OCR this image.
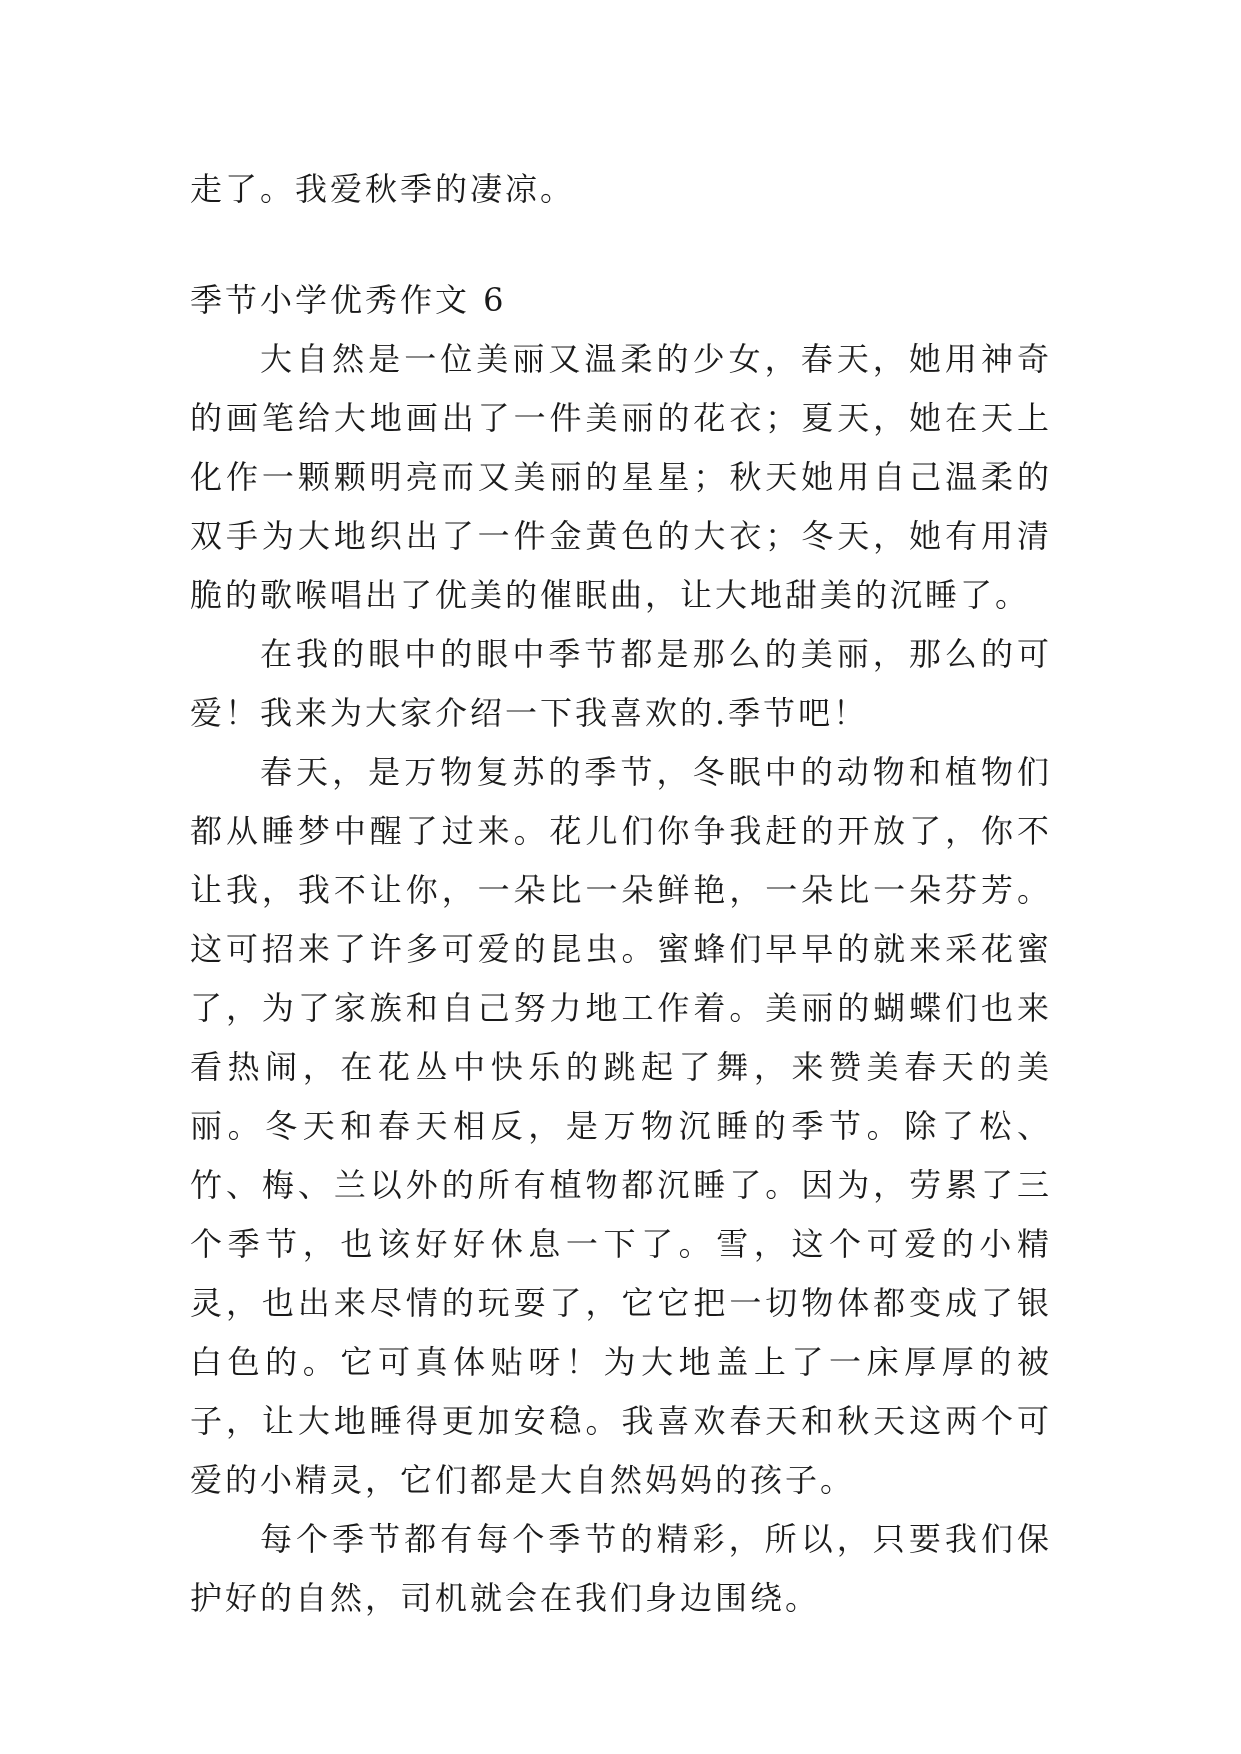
走了。我爱秋季的凄凉。

季节小学优秀作文 6

大自然是一位美丽又温柔的少女，春天，她用神奇的画笔给大地画出了一件美丽的花衣；夏天，她在天上化作一颗颗明亮而又美丽的星星；秋天她用自己温柔的双手为大地织出了一件金黄色的大衣；冬天，她有用清脆的歌喉唱出了优美的催眠曲，让大地甜美的沉睡了。

在我的眼中的眼中季节都是那么的美丽，那么的可爱！我来为大家介绍一下我喜欢的.季节吧！

春天，是万物复苏的季节，冬眠中的动物和植物们都从睡梦中醒了过来。花儿们你争我赶的开放了，你不让我，我不让你，一朵比一朵鲜艳，一朵比一朵芬芳。这可招来了许多可爱的昆虫。蜜蜂们早早的就来采花蜜了，为了家族和自己努力地工作着。美丽的蝴蝶们也来看热闹，在花丛中快乐的跳起了舞，来赞美春天的美丽。冬天和春天相反，是万物沉睡的季节。除了松、竹、梅、兰以外的所有植物都沉睡了。因为，劳累了三个季节，也该好好休息一下了。雪，这个可爱的小精灵，也出来尽情的玩耍了，它它把一切物体都变成了银白色的。它可真体贴呀！为大地盖上了一床厚厚的被子，让大地睡得更加安稳。我喜欢春天和秋天这两个可爱的小精灵，它们都是大自然妈妈的孩子。

每个季节都有每个季节的精彩，所以，只要我们保护好的自然，司机就会在我们身边围绕。
